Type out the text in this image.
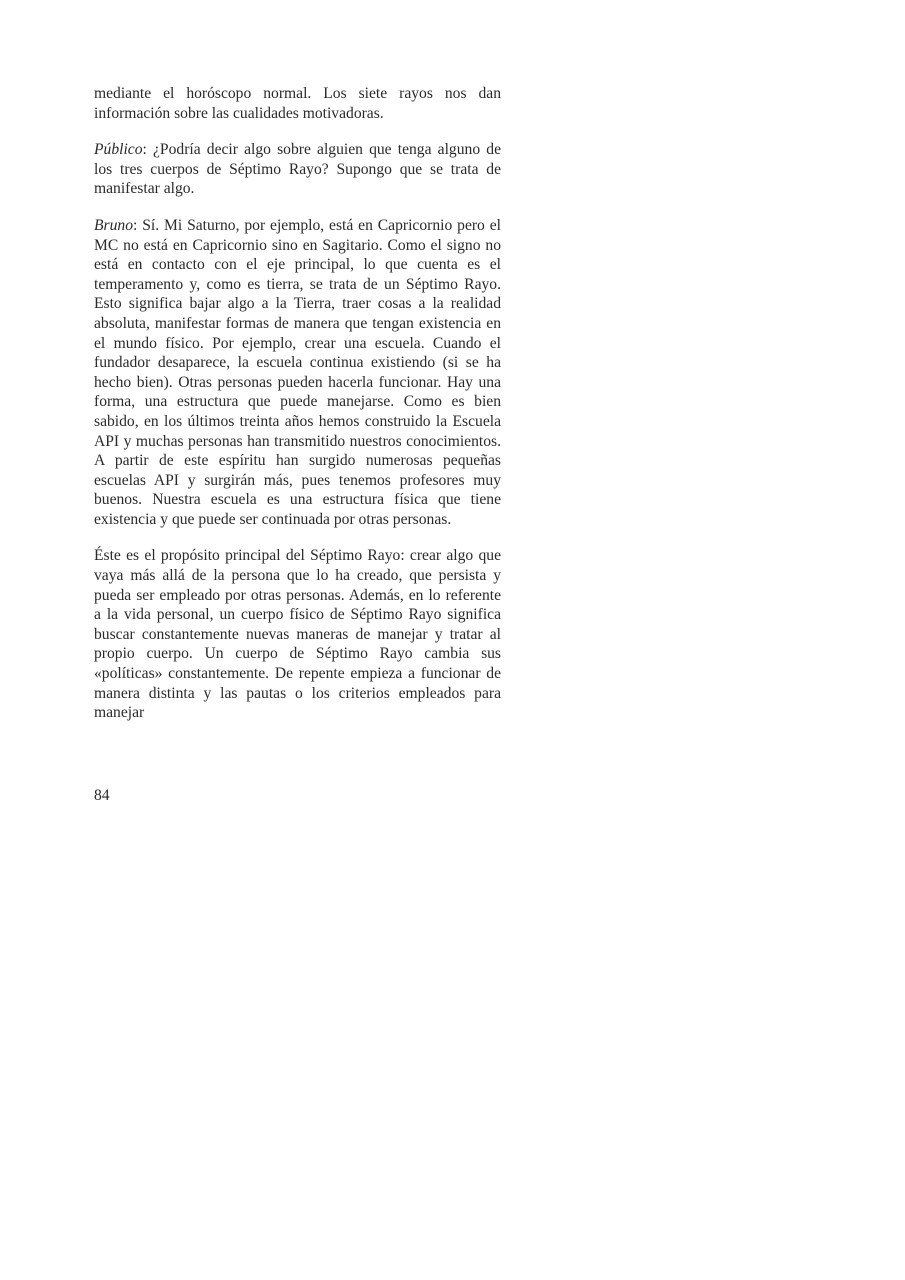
mediante el horóscopo normal. Los siete rayos nos dan información sobre las cualidades motivadoras.

Público: ¿Podría decir algo sobre alguien que tenga alguno de los tres cuerpos de Séptimo Rayo? Supongo que se trata de manifestar algo.

Bruno: Sí. Mi Saturno, por ejemplo, está en Capricornio pero el MC no está en Capricornio sino en Sagitario. Como el signo no está en contacto con el eje principal, lo que cuenta es el temperamento y, como es tierra, se trata de un Séptimo Rayo. Esto significa bajar algo a la Tierra, traer cosas a la realidad absoluta, manifestar formas de manera que tengan existencia en el mundo físico. Por ejemplo, crear una escuela. Cuando el fundador desaparece, la escuela continua existiendo (si se ha hecho bien). Otras personas pueden hacerla funcionar. Hay una forma, una estructura que puede manejarse. Como es bien sabido, en los últimos treinta años hemos construido la Escuela API y muchas personas han transmitido nuestros conocimientos. A partir de este espíritu han surgido numerosas pequeñas escuelas API y surgirán más, pues tenemos profesores muy buenos. Nuestra escuela es una estructura física que tiene existencia y que puede ser continuada por otras personas.

Éste es el propósito principal del Séptimo Rayo: crear algo que vaya más allá de la persona que lo ha creado, que persista y pueda ser empleado por otras personas. Además, en lo referente a la vida personal, un cuerpo físico de Séptimo Rayo significa buscar constantemente nuevas maneras de manejar y tratar al propio cuerpo. Un cuerpo de Séptimo Rayo cambia sus «políticas» constantemente. De repente empieza a funcionar de manera distinta y las pautas o los criterios empleados para manejar

84
